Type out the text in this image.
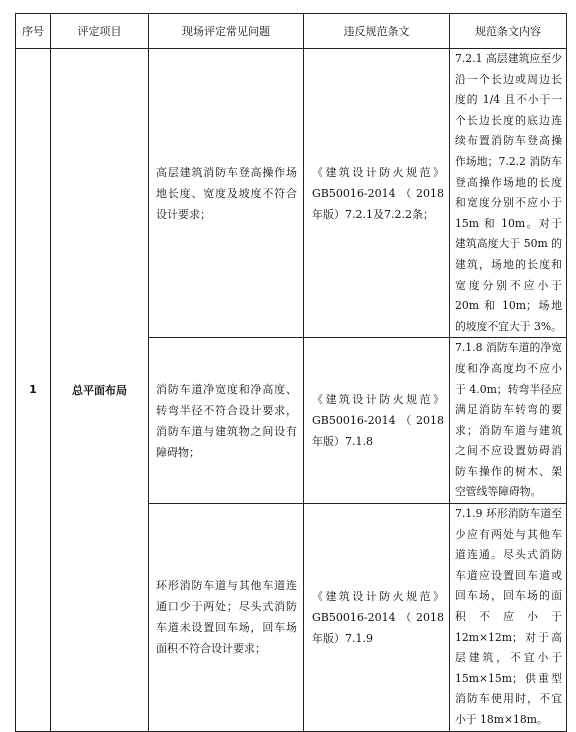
序号	评定项目	现场评定常见问题	违反规范条文	规范条文内容
1	总平面布局	高层建筑消防车登高操作场地长度、宽度及坡度不符合设计要求；	《建筑设计防火规范》GB50016-2014（2018年版）7.2.1及7.2.2条；	7.2.1 高层建筑应至少沿一个长边或周边长度的 1/4 且不小于一个长边长度的底边连续布置消防车登高操作场地；7.2.2 消防车登高操作场地的长度和宽度分别不应小于 15m 和 10m。对于建筑高度大于 50m 的建筑，场地的长度和宽度分别不应小于 20m 和 10m；场地的坡度不宜大于 3%。
		消防车道净宽度和净高度、转弯半径不符合设计要求，消防车道与建筑物之间设有障碍物；	《建筑设计防火规范》GB50016-2014（2018年版）7.1.8	7.1.8 消防车道的净宽度和净高度均不应小于 4.0m；转弯半径应满足消防车转弯的要求；消防车道与建筑之间不应设置妨碍消防车操作的树木、架空管线等障碍物。
		环形消防车道与其他车道连通口少于两处；尽头式消防车道未设置回车场，回车场面积不符合设计要求；	《建筑设计防火规范》GB50016-2014（2018年版）7.1.9	7.1.9 环形消防车道至少应有两处与其他车道连通。尽头式消防车道应设置回车道或回车场，回车场的面积不应小于 12m×12m；对于高层建筑，不宜小于 15m×15m；供重型消防车使用时，不宜小于 18m×18m。
